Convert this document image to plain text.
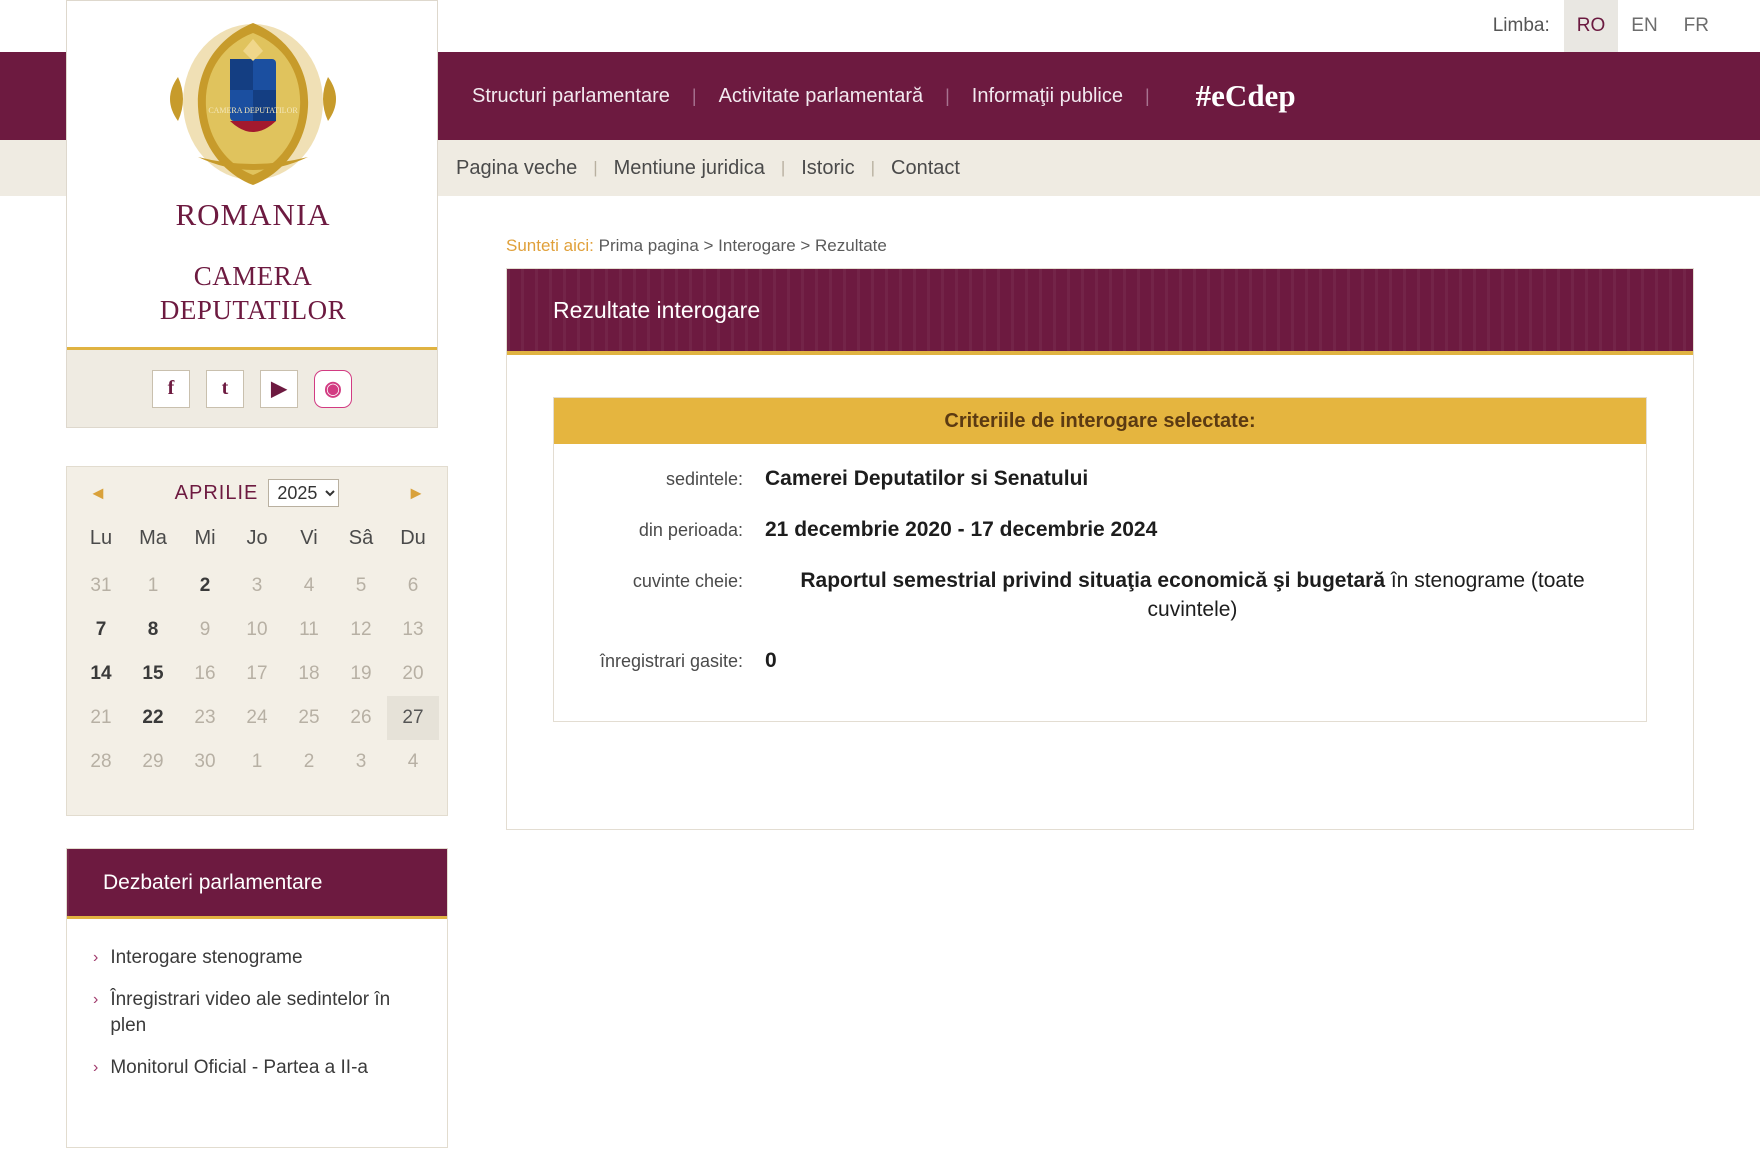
Limba:	RO	EN	FR
Structuri parlamentare	|	Activitate parlamentară	|	Informaţii publice	| #eCdep
Pagina veche | Mentiune juridica | Istoric | Contact
Sunteti aici: Prima pagina > Interogare > Rezultate
CAMERA DEPUTATILOR
ROMANIA
CAMERA
DEPUTATILOR
f	t	▶	◉
◄	APRILIE
2025	►
Lu	Ma	Mi	Jo	Vi	Sâ	Du
31	1	2	3	4	5	6
7	8	9	10	11	12	13
14	15	16	17	18	19	20
21	22	23	24	25	26	27
28	29	30	1	2	3	4
Dezbateri parlamentare
› Interogare stenograme
› Înregistrari video ale sedintelor în plen
› Monitorul Oficial - Partea a II-a
Rezultate interogare
Criteriile de interogare selectate:
sedintele:	Camerei Deputatilor si Senatului
din perioada:	21 decembrie 2020 - 17 decembrie 2024
cuvinte cheie:	Raportul semestrial privind situaţia economică şi bugetară în stenograme (toate cuvintele)
înregistrari gasite:	0
